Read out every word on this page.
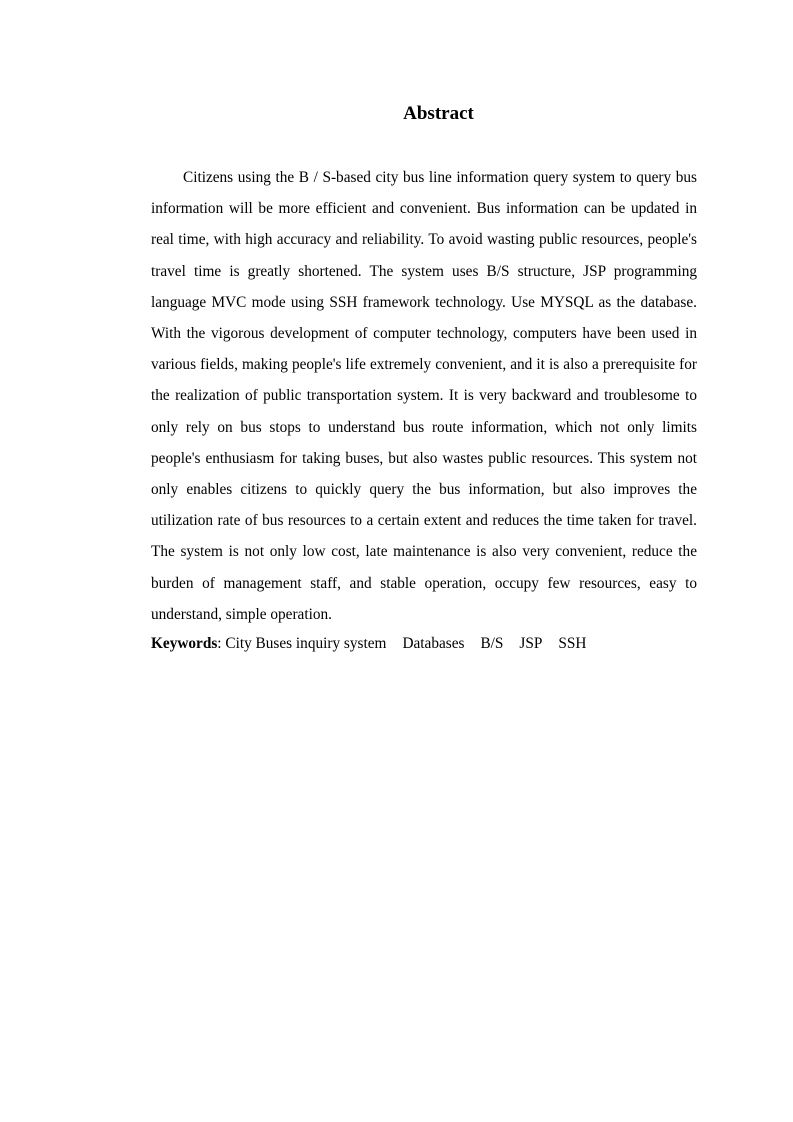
Abstract

Citizens using the B / S-based city bus line information query system to query bus information will be more efficient and convenient. Bus information can be updated in real time, with high accuracy and reliability. To avoid wasting public resources, people's travel time is greatly shortened. The system uses B/S structure, JSP programming language MVC mode using SSH framework technology. Use MYSQL as the database. With the vigorous development of computer technology, computers have been used in various fields, making people's life extremely convenient, and it is also a prerequisite for the realization of public transportation system. It is very backward and troublesome to only rely on bus stops to understand bus route information, which not only limits people's enthusiasm for taking buses, but also wastes public resources. This system not only enables citizens to quickly query the bus information, but also improves the utilization rate of bus resources to a certain extent and reduces the time taken for travel. The system is not only low cost, late maintenance is also very convenient, reduce the burden of management staff, and stable operation, occupy few resources, easy to understand, simple operation.

Keywords: City Buses inquiry system Databases B/S JSP SSH
